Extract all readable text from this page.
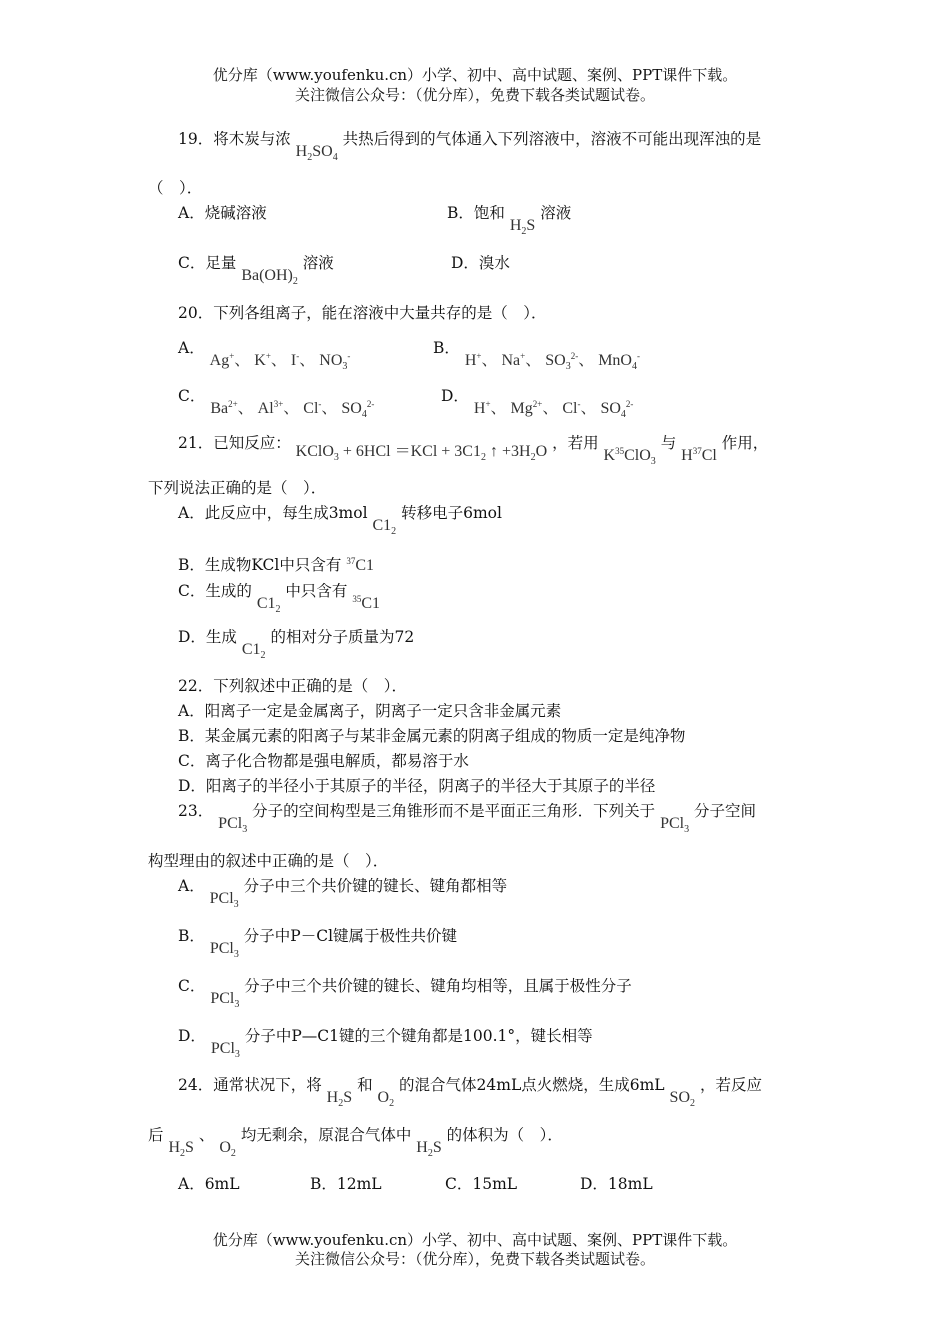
优分库（www.youfenku.cn）小学、初中、高中试题、案例、PPT课件下载。
关注微信公众号：（优分库），免费下载各类试题试卷。
19．将木炭与浓 $H_2SO_4$ 共热后得到的气体通入下列溶液中，溶液不可能出现浑浊的是
（　）．
A．烧碱溶液	B．饱和 $H_2S$ 溶液
C．足量 $Ba(OH)_2$ 溶液	D．溴水
20．下列各组离子，能在溶液中大量共存的是（　）．
A． Ag+、 K+、 I-、 $NO_3^-$	B． H+、 Na+、 $SO_3^{2-}$、 MnO$_4$-
C． $Ba^{2+}$、 $Al^{3+}$、 Cl-、 $SO_4^{2-}$	D． H+、 $Mg^{2+}$、 Cl-、 $SO_4^{2-}$
21．已知反应： KClO$_3$ + $6HCl =KCl + 3C1_2$ ↑ $+3H_2O$ ，若用 $K^{35}ClO_3$ 与 $H^{37}Cl$ 作用，
下列说法正确的是（　）．
A．此反应中，每生成3mol $C1_2$ 转移电子6mol
B．生成物KCl中只含有 $^{37}$C1
C．生成的 $C1_2$ 中只含有 $^{35}$C1
D．生成 $C1_2$ 的相对分子质量为72
22．下列叙述中正确的是（　）．
A．阳离子一定是金属离子，阴离子一定只含非金属元素
B．某金属元素的阳离子与某非金属元素的阴离子组成的物质一定是纯净物
C．离子化合物都是强电解质，都易溶于水
D．阳离子的半径小于其原子的半径，阴离子的半径大于其原子的半径
23． PCl$_3$ 分子的空间构型是三角锥形而不是平面正三角形．下列关于 PCl$_3$ 分子空间
构型理由的叙述中正确的是（　）．
A． PCl$_3$ 分子中三个共价键的键长、键角都相等
B． PCl$_3$ 分子中P－Cl键属于极性共价键
C． PCl$_3$ 分子中三个共价键的键长、键角均相等，且属于极性分子
D． PCl$_3$ 分子中P—C1键的三个键角都是100.1°，键长相等
24．通常状况下，将 $H_2S$ 和 $O_2$ 的混合气体24mL点火燃烧，生成6mL $SO_2$ ，若反应
后 $H_2S$ 、 $O_2$ 均无剩余，原混合气体中 $H_2S$ 的体积为（　）．
A．6mL	B．12mL	C．15mL	D．18mL
优分库（www.youfenku.cn）小学、初中、高中试题、案例、PPT课件下载。
关注微信公众号：（优分库），免费下载各类试题试卷。
